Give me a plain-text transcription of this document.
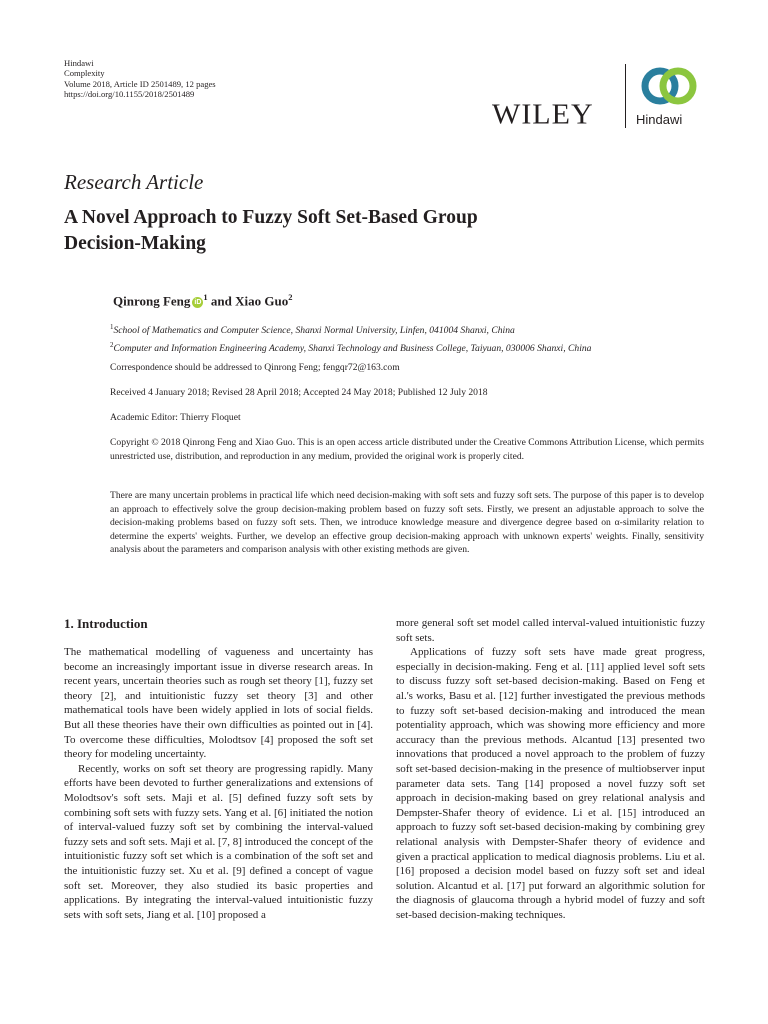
Hindawi
Complexity
Volume 2018, Article ID 2501489, 12 pages
https://doi.org/10.1155/2018/2501489
WILEY	Hindawi
Research Article
A Novel Approach to Fuzzy Soft Set-Based Group
Decision-Making
Qinrong Feng $iD^1$ and Xiao Guo$^2$
$^1$School of Mathematics and Computer Science, Shanxi Normal University, Linfen, 041004 Shanxi, China
$^2$Computer and Information Engineering Academy, Shanxi Technology and Business College, Taiyuan, 030006 Shanxi, China
Correspondence should be addressed to Qinrong Feng; fengqr72@163.com
Received 4 January 2018; Revised 28 April 2018; Accepted 24 May 2018; Published 12 July 2018
Academic Editor: Thierry Floquet
Copyright © 2018 Qinrong Feng and Xiao Guo. This is an open access article distributed under the Creative Commons Attribution License, which permits unrestricted use, distribution, and reproduction in any medium, provided the original work is properly cited.
There are many uncertain problems in practical life which need decision-making with soft sets and fuzzy soft sets. The purpose of this paper is to develop an approach to effectively solve the group decision-making problem based on fuzzy soft sets. Firstly, we present an adjustable approach to solve the decision-making problems based on fuzzy soft sets. Then, we introduce knowledge measure and divergence degree based on α-similarity relation to determine the experts' weights. Further, we develop an effective group decision-making approach with unknown experts' weights. Finally, sensitivity analysis about the parameters and comparison analysis with other existing methods are given.
1. Introduction

The mathematical modelling of vagueness and uncertainty has become an increasingly important issue in diverse research areas. In recent years, uncertain theories such as rough set theory [1], fuzzy set theory [2], and intuitionistic fuzzy set theory [3] and other mathematical tools have been widely applied in lots of social fields. But all these theories have their own difficulties as pointed out in [4]. To overcome these difficulties, Molodtsov [4] proposed the soft set theory for modeling uncertainty.

Recently, works on soft set theory are progressing rapidly. Many efforts have been devoted to further generalizations and extensions of Molodtsov's soft sets. Maji et al. [5] defined fuzzy soft sets by combining soft sets with fuzzy sets. Yang et al. [6] initiated the notion of interval-valued fuzzy soft set by combining the interval-valued fuzzy sets and soft sets. Maji et al. [7, 8] introduced the concept of the intuitionistic fuzzy soft set which is a combination of the soft set and the intuitionistic fuzzy set. Xu et al. [9] defined a concept of vague soft set. Moreover, they also studied its basic properties and applications. By integrating the interval-valued intuitionistic fuzzy sets with soft sets, Jiang et al. [10] proposed a

more general soft set model called interval-valued intuitionistic fuzzy soft sets.

Applications of fuzzy soft sets have made great progress, especially in decision-making. Feng et al. [11] applied level soft sets to discuss fuzzy soft set-based decision-making. Based on Feng et al.'s works, Basu et al. [12] further investigated the previous methods to fuzzy soft set-based decision-making and introduced the mean potentiality approach, which was showing more efficiency and more accuracy than the previous methods. Alcantud [13] presented two innovations that produced a novel approach to the problem of fuzzy soft set-based decision-making in the presence of multiobserver input parameter data sets. Tang [14] proposed a novel fuzzy soft set approach in decision-making based on grey relational analysis and Dempster-Shafer theory of evidence. Li et al. [15] introduced an approach to fuzzy soft set-based decision-making by combining grey relational analysis with Dempster-Shafer theory of evidence and given a practical application to medical diagnosis problems. Liu et al. [16] proposed a decision model based on fuzzy soft set and ideal solution. Alcantud et al. [17] put forward an algorithmic solution for the diagnosis of glaucoma through a hybrid model of fuzzy and soft set-based decision-making techniques.
